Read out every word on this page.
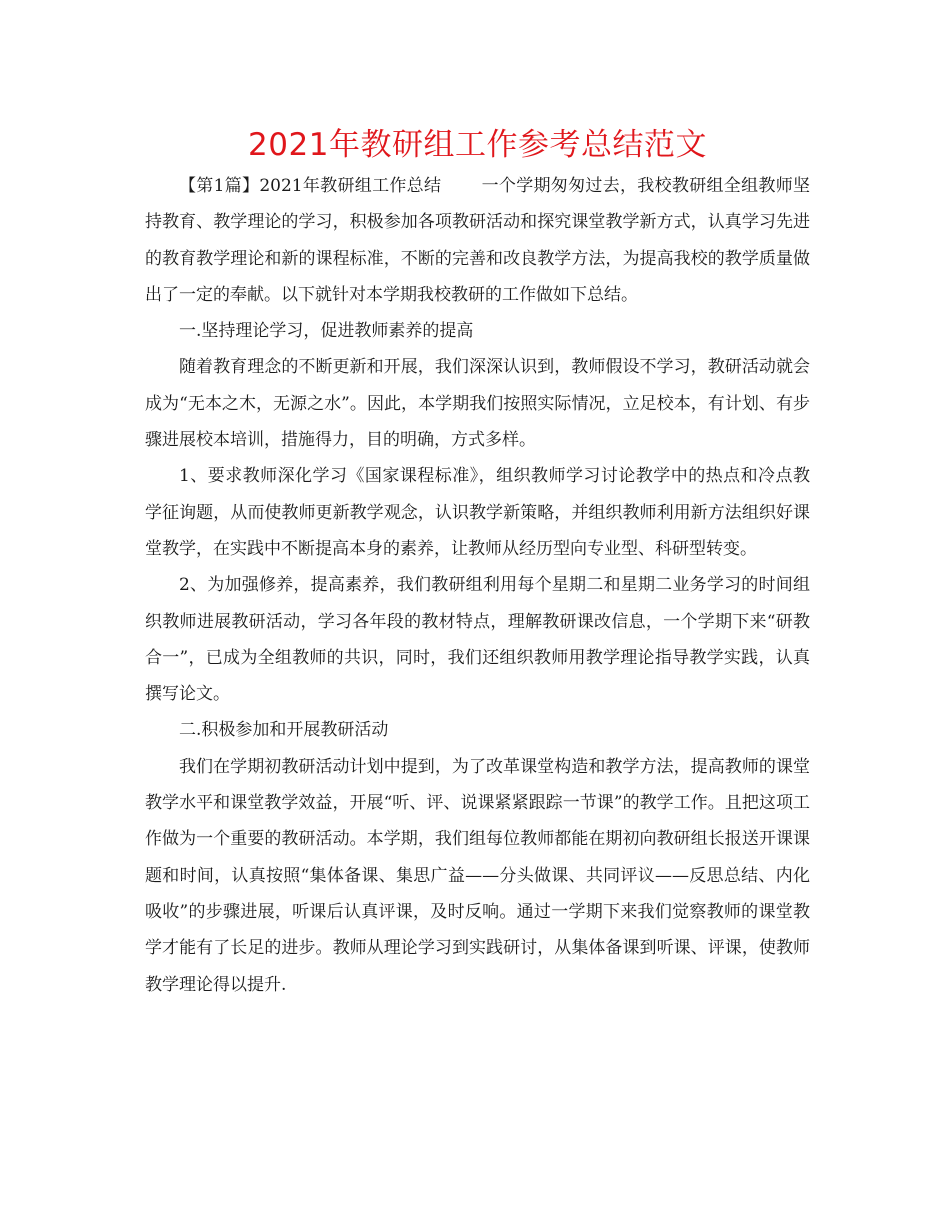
2021年教研组工作参考总结范文

【第1篇】2021年教研组工作总结 一个学期匆匆过去，我校教研组全组教师坚持教育、教学理论的学习，积极参加各项教研活动和探究课堂教学新方式，认真学习先进的教育教学理论和新的课程标准，不断的完善和改良教学方法，为提高我校的教学质量做出了一定的奉献。以下就针对本学期我校教研的工作做如下总结。

一.坚持理论学习，促进教师素养的提高

随着教育理念的不断更新和开展，我们深深认识到，教师假设不学习，教研活动就会成为“无本之木，无源之水”。因此，本学期我们按照实际情况，立足校本，有计划、有步骤进展校本培训，措施得力，目的明确，方式多样。

1、要求教师深化学习《国家课程标准》，组织教师学习讨论教学中的热点和冷点教学征询题，从而使教师更新教学观念，认识教学新策略，并组织教师利用新方法组织好课堂教学，在实践中不断提高本身的素养，让教师从经历型向专业型、科研型转变。

2、为加强修养，提高素养，我们教研组利用每个星期二和星期二业务学习的时间组织教师进展教研活动，学习各年段的教材特点，理解教研课改信息，一个学期下来“研教合一”，已成为全组教师的共识，同时，我们还组织教师用教学理论指导教学实践，认真撰写论文。

二.积极参加和开展教研活动

我们在学期初教研活动计划中提到，为了改革课堂构造和教学方法，提高教师的课堂教学水平和课堂教学效益，开展“听、评、说课紧紧跟踪一节课”的教学工作。且把这项工作做为一个重要的教研活动。本学期，我们组每位教师都能在期初向教研组长报送开课课题和时间，认真按照“集体备课、集思广益——分头做课、共同评议——反思总结、内化吸收”的步骤进展，听课后认真评课，及时反响。通过一学期下来我们觉察教师的课堂教学才能有了长足的进步。教师从理论学习到实践研讨，从集体备课到听课、评课，使教师教学理论得以提升.
